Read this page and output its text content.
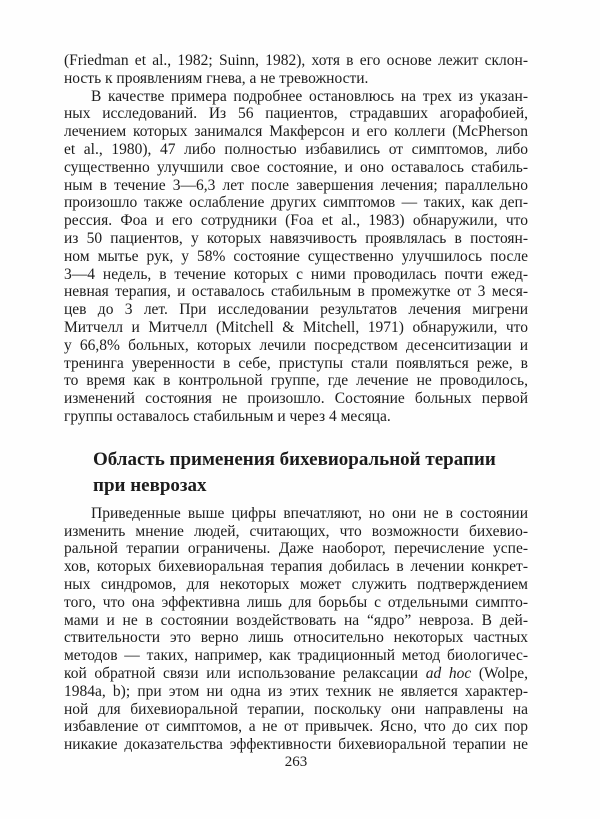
(Friedman et al., 1982; Suinn, 1982), хотя в его основе лежит склон-
ность к проявлениям гнева, а не тревожности.
В качестве примера подробнее остановлюсь на трех из указан-
ных исследований. Из 56 пациентов, страдавших агорафобией,
лечением которых занимался Макферсон и его коллеги (McPherson
et al., 1980), 47 либо полностью избавились от симптомов, либо
существенно улучшили свое состояние, и оно оставалось стабиль-
ным в течение 3—6,3 лет после завершения лечения; параллельно
произошло также ослабление других симптомов — таких, как деп-
рессия. Фоа и его сотрудники (Foa et al., 1983) обнаружили, что
из 50 пациентов, у которых навязчивость проявлялась в постоян-
ном мытье рук, у 58% состояние существенно улучшилось после
3—4 недель, в течение которых с ними проводилась почти ежед-
невная терапия, и оставалось стабильным в промежутке от 3 меся-
цев до 3 лет. При исследовании результатов лечения мигрени
Митчелл и Митчелл (Mitchell & Mitchell, 1971) обнаружили, что
у 66,8% больных, которых лечили посредством десенситизации и
тренинга уверенности в себе, приступы стали появляться реже, в
то время как в контрольной группе, где лечение не проводилось,
изменений состояния не произошло. Состояние больных первой
группы оставалось стабильным и через 4 месяца.
Область применения бихевиоральной терапии
при неврозах
Приведенные выше цифры впечатляют, но они не в состоянии
изменить мнение людей, считающих, что возможности бихевио-
ральной терапии ограничены. Даже наоборот, перечисление успе-
хов, которых бихевиоральная терапия добилась в лечении конкрет-
ных синдромов, для некоторых может служить подтверждением
того, что она эффективна лишь для борьбы с отдельными симпто-
мами и не в состоянии воздействовать на “ядро” невроза. В дей-
ствительности это верно лишь относительно некоторых частных
методов — таких, например, как традиционный метод биологичес-
кой обратной связи или использование релаксации ad hoc (Wolpe,
1984a, b); при этом ни одна из этих техник не является характер-
ной для бихевиоральной терапии, поскольку они направлены на
избавление от симптомов, а не от привычек. Ясно, что до сих пор
никакие доказательства эффективности бихевиоральной терапии не
263
